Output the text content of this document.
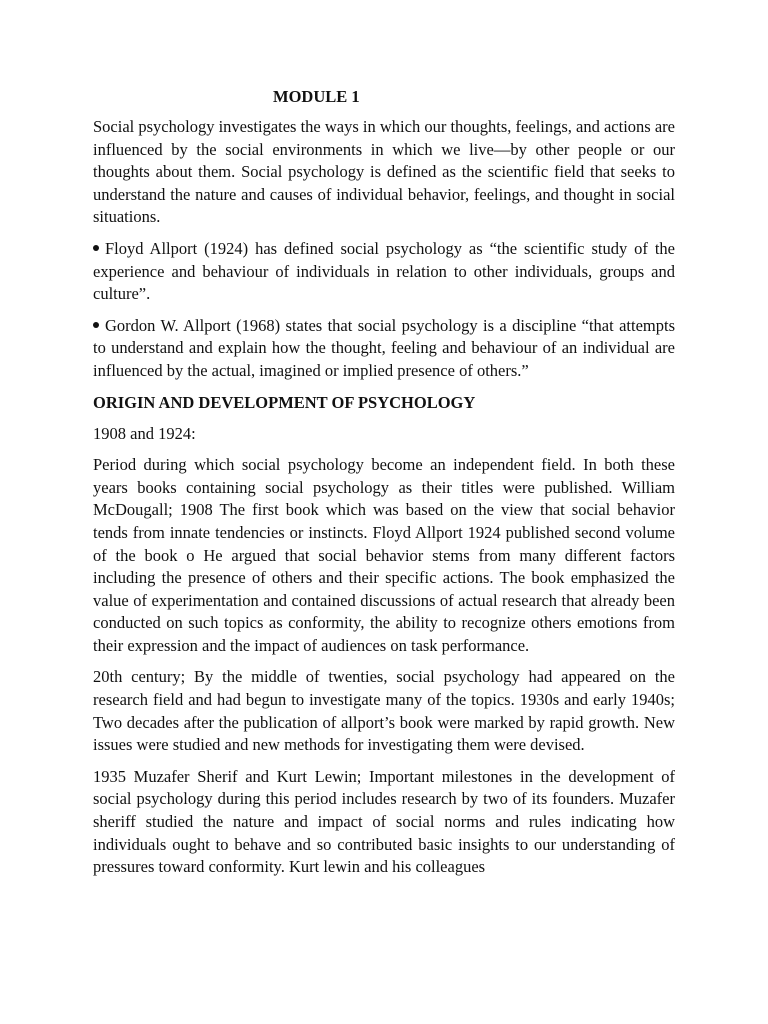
MODULE 1

Social psychology investigates the ways in which our thoughts, feelings, and actions are influenced by the social environments in which we live—by other people or our thoughts about them. Social psychology is defined as the scientific field that seeks to understand the nature and causes of individual behavior, feelings, and thought in social situations.

Floyd Allport (1924) has defined social psychology as “the scientific study of the experience and behaviour of individuals in relation to other individuals, groups and culture”.

Gordon W. Allport (1968) states that social psychology is a discipline “that attempts to understand and explain how the thought, feeling and behaviour of an individual are influenced by the actual, imagined or implied presence of others.”

ORIGIN AND DEVELOPMENT OF PSYCHOLOGY

1908 and 1924:

Period during which social psychology become an independent field. In both these years books containing social psychology as their titles were published. William McDougall; 1908 The first book which was based on the view that social behavior tends from innate tendencies or instincts. Floyd Allport 1924 published second volume of the book o He argued that social behavior stems from many different factors including the presence of others and their specific actions. The book emphasized the value of experimentation and contained discussions of actual research that already been conducted on such topics as conformity, the ability to recognize others emotions from their expression and the impact of audiences on task performance.

20th century; By the middle of twenties, social psychology had appeared on the research field and had begun to investigate many of the topics. 1930s and early 1940s; Two decades after the publication of allport’s book were marked by rapid growth. New issues were studied and new methods for investigating them were devised.

1935 Muzafer Sherif and Kurt Lewin; Important milestones in the development of social psychology during this period includes research by two of its founders. Muzafer sheriff studied the nature and impact of social norms and rules indicating how individuals ought to behave and so contributed basic insights to our understanding of pressures toward conformity. Kurt lewin and his colleagues
